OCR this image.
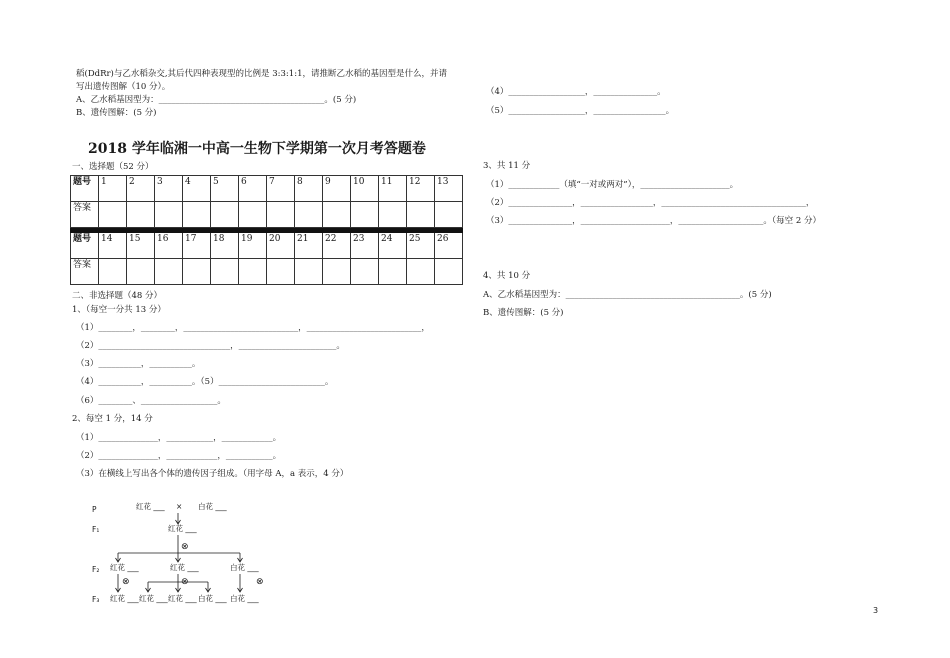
稻(DdRr)与乙水稻杂交,其后代四种表现型的比例是 3:3:1:1，请推断乙水稻的基因型是什么，并请
写出遗传图解（10 分）。
A、乙水稻基因型为：_______________________________________。(5 分)
B、遗传图解：(5 分)
2018 学年临湘一中高一生物下学期第一次月考答题卷
一、选择题（52 分）
题号	1	2	3	4	5	6	7	8	9	10	11	12	13
答案													

题号	14	15	16	17	18	19	20	21	22	23	24	25	26
答案													
二、非选择题（48 分）
1、（每空一分共 13 分）
（1）________，________，___________________________，___________________________，
（2）_______________________________，_______________________。
（3）__________，__________。
（4）__________，__________。（5）_________________________。
（6）________、__________________。
2、每空 1 分，14 分
（1）______________，___________，____________。
（2）______________，____________，___________。
（3）在横线上写出各个体的遗传因子组成。（用字母 A，a 表示，4 分）
P
F₁
F₂
F₃
红花 ___ × 白花 ___
红花 ___
红花 ___	红花 ___	白花 ___
红花 ___ 红花 ___ 红花 ___ 白花 ___ 白花 ___
⊗
⊗	⊗	⊗
（4）__________________，_______________。
（5）__________________，_________________。
3、共 11 分
（1）____________（填“一对或两对”），_____________________。
（2）_______________，_________________，__________________________________，
（3）_______________，_____________________，____________________。（每空 2 分）
4、共 10 分
A、乙水稻基因型为：_________________________________________。(5 分)
B、遗传图解：(5 分)
3
